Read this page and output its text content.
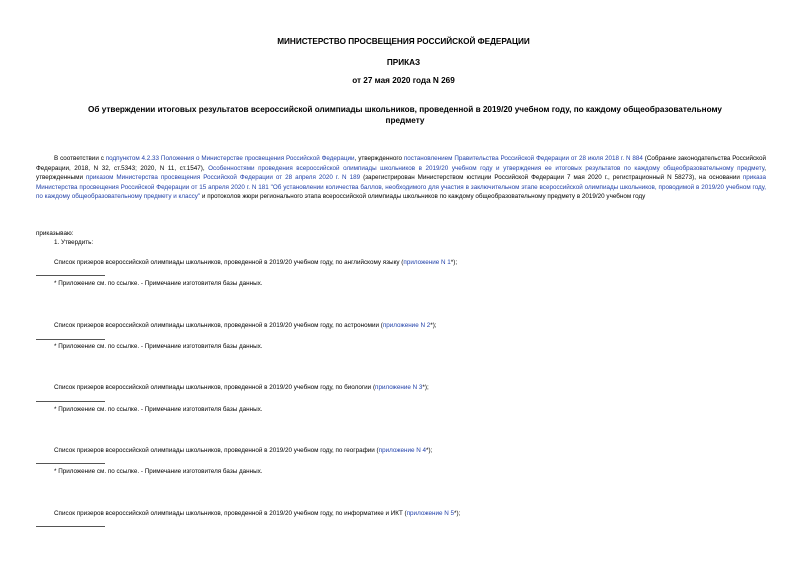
МИНИСТЕРСТВО ПРОСВЕЩЕНИЯ РОССИЙСКОЙ ФЕДЕРАЦИИ
ПРИКАЗ
от 27 мая 2020 года N 269
Об утверждении итоговых результатов всероссийской олимпиады школьников, проведенной в 2019/20 учебном году, по каждому общеобразовательному предмету

В соответствии с подпунктом 4.2.33 Положения о Министерстве просвещения Российской Федерации, утвержденного постановлением Правительства Российской Федерации от 28 июля 2018 г. N 884 (Собрание законодательства Российской Федерации, 2018, N 32, ст.5343; 2020, N 11, ст.1547), Особенностями проведения всероссийской олимпиады школьников в 2019/20 учебном году и утверждения ее итоговых результатов по каждому общеобразовательному предмету, утвержденными приказом Министерства просвещения Российской Федерации от 28 апреля 2020 г. N 189 (зарегистрирован Министерством юстиции Российской Федерации 7 мая 2020 г., регистрационный N 58273), на основании приказа Министерства просвещения Российской Федерации от 15 апреля 2020 г. N 181 "Об установлении количества баллов, необходимого для участия в заключительном этапе всероссийской олимпиады школьников, проводимой в 2019/20 учебном году, по каждому общеобразовательному предмету и классу" и протоколов жюри регионального этапа всероссийской олимпиады школьников по каждому общеобразовательному предмету в 2019/20 учебном году

приказываю:
1. Утвердить:
Список призеров всероссийской олимпиады школьников, проведенной в 2019/20 учебном году, по английскому языку (приложение N 1*);
* Приложение см. по ссылке. - Примечание изготовителя базы данных.
Список призеров всероссийской олимпиады школьников, проведенной в 2019/20 учебном году, по астрономии (приложение N 2*);
* Приложение см. по ссылке. - Примечание изготовителя базы данных.
Список призеров всероссийской олимпиады школьников, проведенной в 2019/20 учебном году, по биологии (приложение N 3*);
* Приложение см. по ссылке. - Примечание изготовителя базы данных.
Список призеров всероссийской олимпиады школьников, проведенной в 2019/20 учебном году, по географии (приложение N 4*);
* Приложение см. по ссылке. - Примечание изготовителя базы данных.
Список призеров всероссийской олимпиады школьников, проведенной в 2019/20 учебном году, по информатике и ИКТ (приложение N 5*);
